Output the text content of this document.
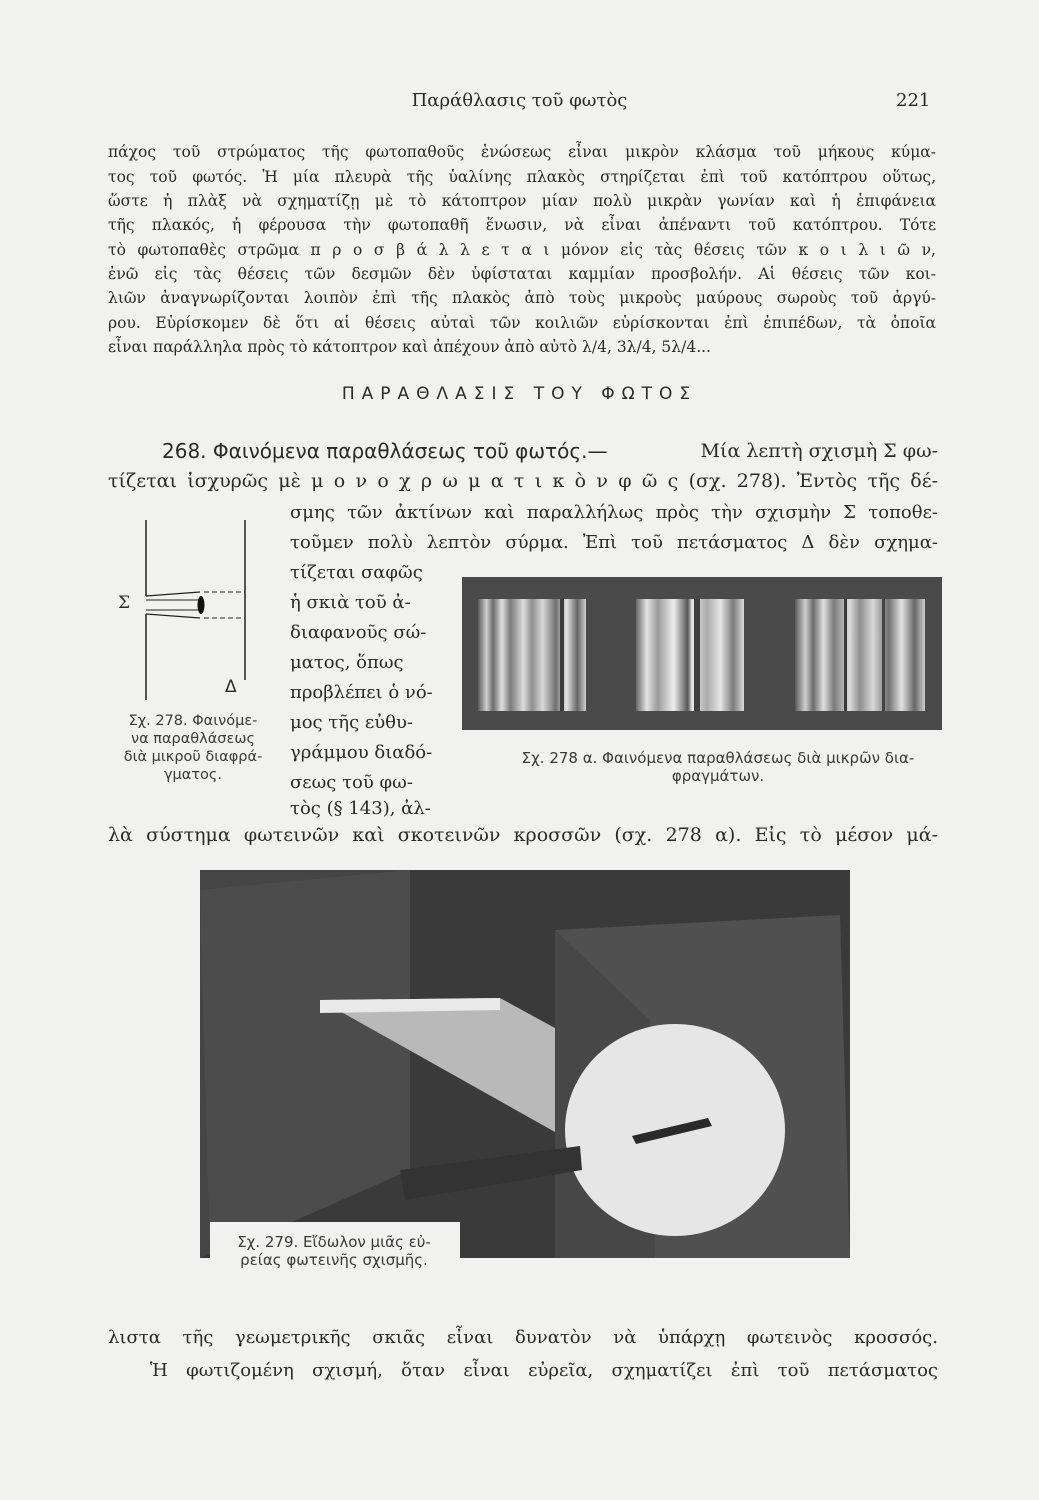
Παράθλασις τοῦ φωτὸς	221
πάχος τοῦ στρώματος τῆς φωτοπαθοῦς ἑνώσεως εἶναι μικρὸν κλάσμα τοῦ μήκους κύμα-
τος τοῦ φωτός. Ἡ μία πλευρὰ τῆς ὑαλίνης πλακὸς στηρίζεται ἐπὶ τοῦ κατόπτρου οὕτως,
ὥστε ἡ πλὰξ νὰ σχηματίζῃ μὲ τὸ κάτοπτρον μίαν πολὺ μικρὰν γωνίαν καὶ ἡ ἐπιφάνεια
τῆς πλακός, ἡ φέρουσα τὴν φωτοπαθῆ ἕνωσιν, νὰ εἶναι ἀπέναντι τοῦ κατόπτρου. Τότε
τὸ φωτοπαθὲς στρῶμα π ρ ο σ β ά λ λ ε τ α ι μόνον εἰς τὰς θέσεις τῶν κ ο ι λ ι ῶ ν,
ἐνῶ εἰς τὰς θέσεις τῶν δεσμῶν δὲν ὑφίσταται καμμίαν προσβολήν. Αἱ θέσεις τῶν κοι-
λιῶν ἀναγνωρίζονται λοιπὸν ἐπὶ τῆς πλακὸς ἀπὸ τοὺς μικροὺς μαύρους σωροὺς τοῦ ἀργύ-
ρου. Εὑρίσκομεν δὲ ὅτι αἱ θέσεις αὐταὶ τῶν κοιλιῶν εὑρίσκονται ἐπὶ ἐπιπέδων, τὰ ὁποῖα
εἶναι παράλληλα πρὸς τὸ κάτοπτρον καὶ ἀπέχουν ἀπὸ αὐτὸ λ/4, 3λ/4, 5λ/4...
ΠΑΡΑΘΛΑΣΙΣ ΤΟΥ ΦΩΤΟΣ
268. Φαινόμενα παραθλάσεως τοῦ φωτός.—	Μία λεπτὴ σχισμὴ Σ φω-
τίζεται ἰσχυρῶς μὲ μ ο ν ο χ ρ ω μ α τ ι κ ὸ ν φ ῶ ς (σχ. 278). Ἐντὸς τῆς δέ-
σμης τῶν ἀκτίνων καὶ παραλλήλως πρὸς τὴν σχισμὴν Σ τοποθε-
τοῦμεν πολὺ λεπτὸν σύρμα. Ἐπὶ τοῦ πετάσματος Δ δὲν σχημα-
τίζεται σαφῶς
ἡ σκιὰ τοῦ ἀ-
διαφανοῦς σώ-
ματος, ὅπως
προβλέπει ὁ νό-
μος τῆς εὐθυ-
γράμμου διαδό-
σεως τοῦ φω-
τὸς (§ 143), ἀλ-
λὰ σύστημα φωτεινῶν καὶ σκοτεινῶν κροσσῶν (σχ. 278 α). Εἰς τὸ μέσον μά-
Σ
Δ
Σχ. 278. Φαινόμε-
να παραθλάσεως
διὰ μικροῦ διαφρά-
γματος.
Σχ. 278 α. Φαινόμενα παραθλάσεως διὰ μικρῶν δια-
φραγμάτων.
Σχ. 279. Εἴδωλον μιᾶς εὐ-
ρείας φωτεινῆς σχισμῆς.
λιστα τῆς γεωμετρικῆς σκιᾶς εἶναι δυνατὸν νὰ ὑπάρχῃ φωτεινὸς κροσσός.
Ἡ φωτιζομένη σχισμή, ὅταν εἶναι εὐρεῖα, σχηματίζει ἐπὶ τοῦ πετάσματος
